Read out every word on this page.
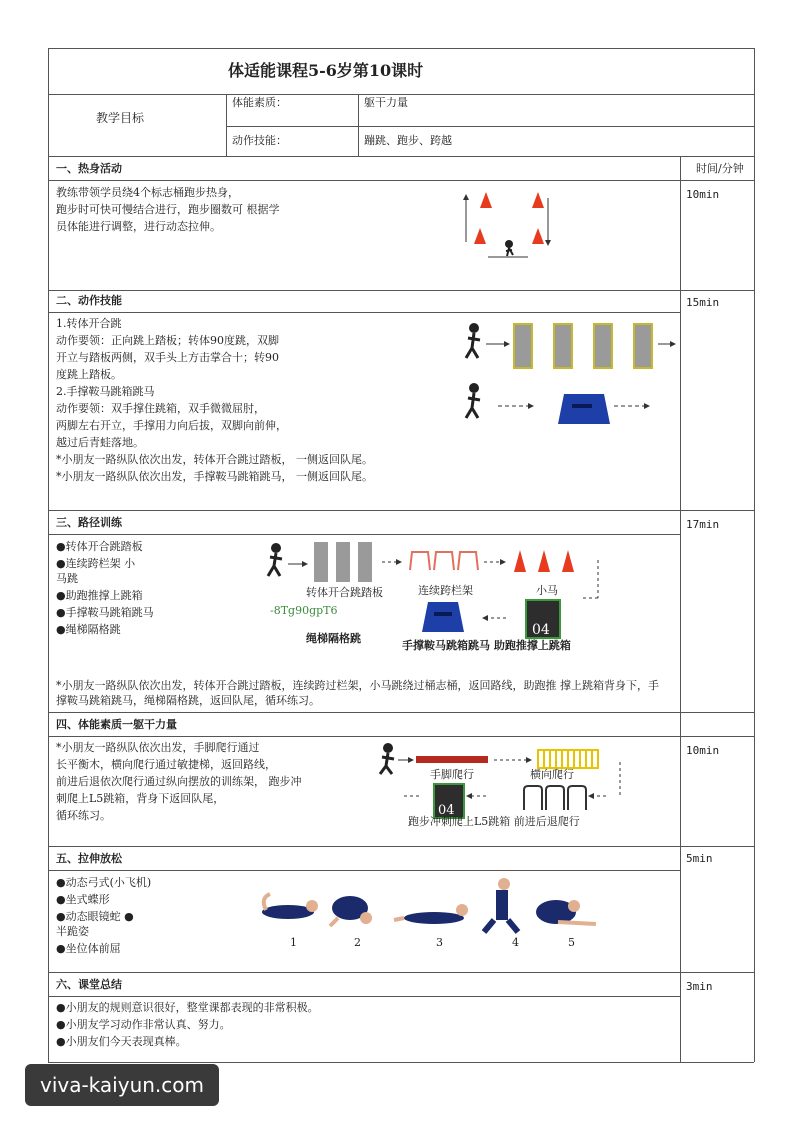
体适能课程5-6岁第10课时
教学目标
体能素质：	躯干力量
动作技能：	蹦跳、跑步、跨越
时间/分钟
一、热身活动
10min
教练带领学员绕4个标志桶跑步热身，
跑步时可快可慢结合进行，跑步圈数可 根据学
员体能进行调整，进行动态拉伸。
二、动作技能	15min
1.转体开合跳
动作要领：正向跳上踏板；转体90度跳，双脚
开立与踏板两侧，双手头上方击掌合十；转90
度跳上踏板。
2.手撑鞍马跳箱跳马
动作要领：双手撑住跳箱，双手微微屈肘，
两脚左右开立，手撑用力向后拔，双脚向前伸，
越过后青蛙落地。
*小朋友一路纵队依次出发，转体开合跳过踏板， 一侧返回队尾。
*小朋友一路纵队依次出发，手撑鞍马跳箱跳马， 一侧返回队尾。
三、路径训练	17min
●转体开合跳踏板
●连续跨栏架 小
马跳
●助跑推撑上跳箱
●手撑鞍马跳箱跳马
●绳梯隔格跳	04
转体开合跳踏板	连续跨栏架	小马
-8Tg90gpT6
绳梯隔格跳
手撑鞍马跳箱跳马 助跑推撑上跳箱
*小朋友一路纵队依次出发，转体开合跳过踏板，连续跨过栏架，小马跳绕过桶志桶，返回路线，助跑推 撑上跳箱背身下，手
撑鞍马跳箱跳马，绳梯隔格跳，返回队尾，循环练习。
四、体能素质一躯干力量
10min
*小朋友一路纵队依次出发，手脚爬行通过
长平衡木，横向爬行通过敏捷梯，返回路线，
前进后退依次爬行通过纵向摆放的训练架， 跑步冲
刺爬上L5跳箱，背身下返回队尾，
循环练习。	04
手脚爬行	横向爬行
跑步冲刺爬上L5跳箱 前进后退爬行
五、拉伸放松	5min
●动态弓式(小飞机)
●坐式蝶形
●动态眼镜蛇 ●
半跪姿
●坐位体前屈	1	2	3	4	5
六、课堂总结	3min
●小朋友的规则意识很好，整堂课都表现的非常积极。
●小朋友学习动作非常认真、努力。
●小朋友们今天表现真棒。
viva-kaiyun.com
